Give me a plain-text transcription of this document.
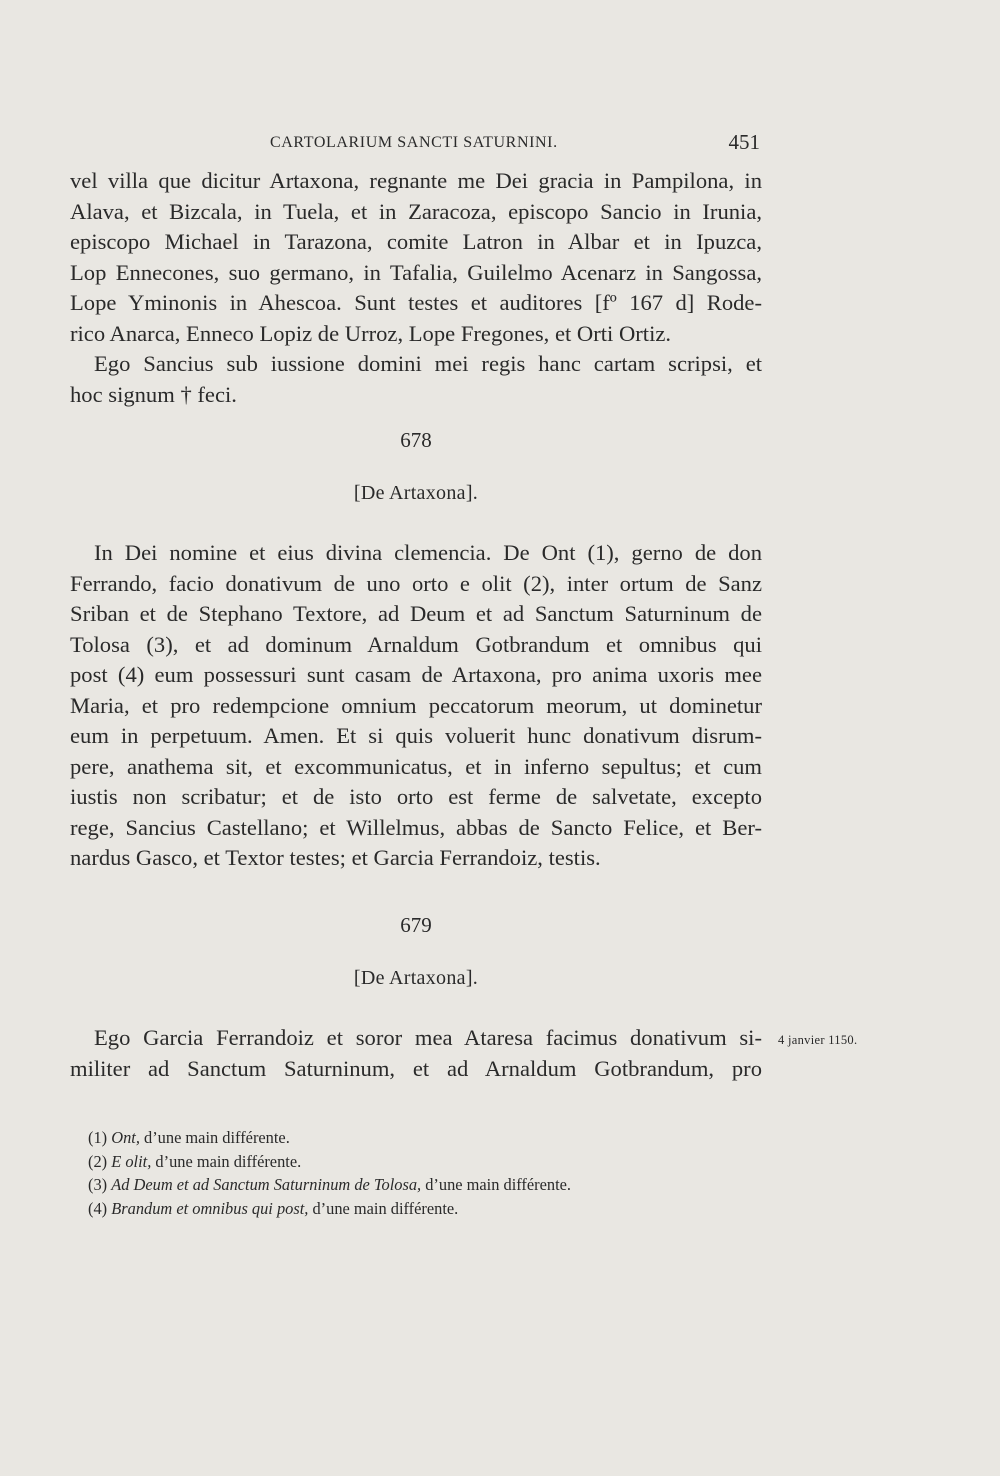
CARTOLARIUM SANCTI SATURNINI.	451
vel villa que dicitur Artaxona, regnante me Dei gracia in Pampilona, in
Alava, et Bizcala, in Tuela, et in Zaracoza, episcopo Sancio in Irunia,
episcopo Michael in Tarazona, comite Latron in Albar et in Ipuzca,
Lop Ennecones, suo germano, in Tafalia, Guilelmo Acenarz in Sangossa,
Lope Yminonis in Ahescoa. Sunt testes et auditores [fº 167 d] Rode-
rico Anarca, Enneco Lopiz de Urroz, Lope Fregones, et Orti Ortiz.
Ego Sancius sub iussione domini mei regis hanc cartam scripsi, et
hoc signum † feci.
678
[De Artaxona].
In Dei nomine et eius divina clemencia. De Ont (1), gerno de don
Ferrando, facio donativum de uno orto e olit (2), inter ortum de Sanz
Sriban et de Stephano Textore, ad Deum et ad Sanctum Saturninum de
Tolosa (3), et ad dominum Arnaldum Gotbrandum et omnibus qui
post (4) eum possessuri sunt casam de Artaxona, pro anima uxoris mee
Maria, et pro redempcione omnium peccatorum meorum, ut dominetur
eum in perpetuum. Amen. Et si quis voluerit hunc donativum disrum-
pere, anathema sit, et excommunicatus, et in inferno sepultus; et cum
iustis non scribatur; et de isto orto est ferme de salvetate, excepto
rege, Sancius Castellano; et Willelmus, abbas de Sancto Felice, et Ber-
nardus Gasco, et Textor testes; et Garcia Ferrandoiz, testis.
679
[De Artaxona].
Ego Garcia Ferrandoiz et soror mea Ataresa facimus donativum si-
militer ad Sanctum Saturninum, et ad Arnaldum Gotbrandum, pro
4 janvier 1150.
(1) Ont, d’une main différente.
(2) E olit, d’une main différente.
(3) Ad Deum et ad Sanctum Saturninum de Tolosa, d’une main différente.
(4) Brandum et omnibus qui post, d’une main différente.
